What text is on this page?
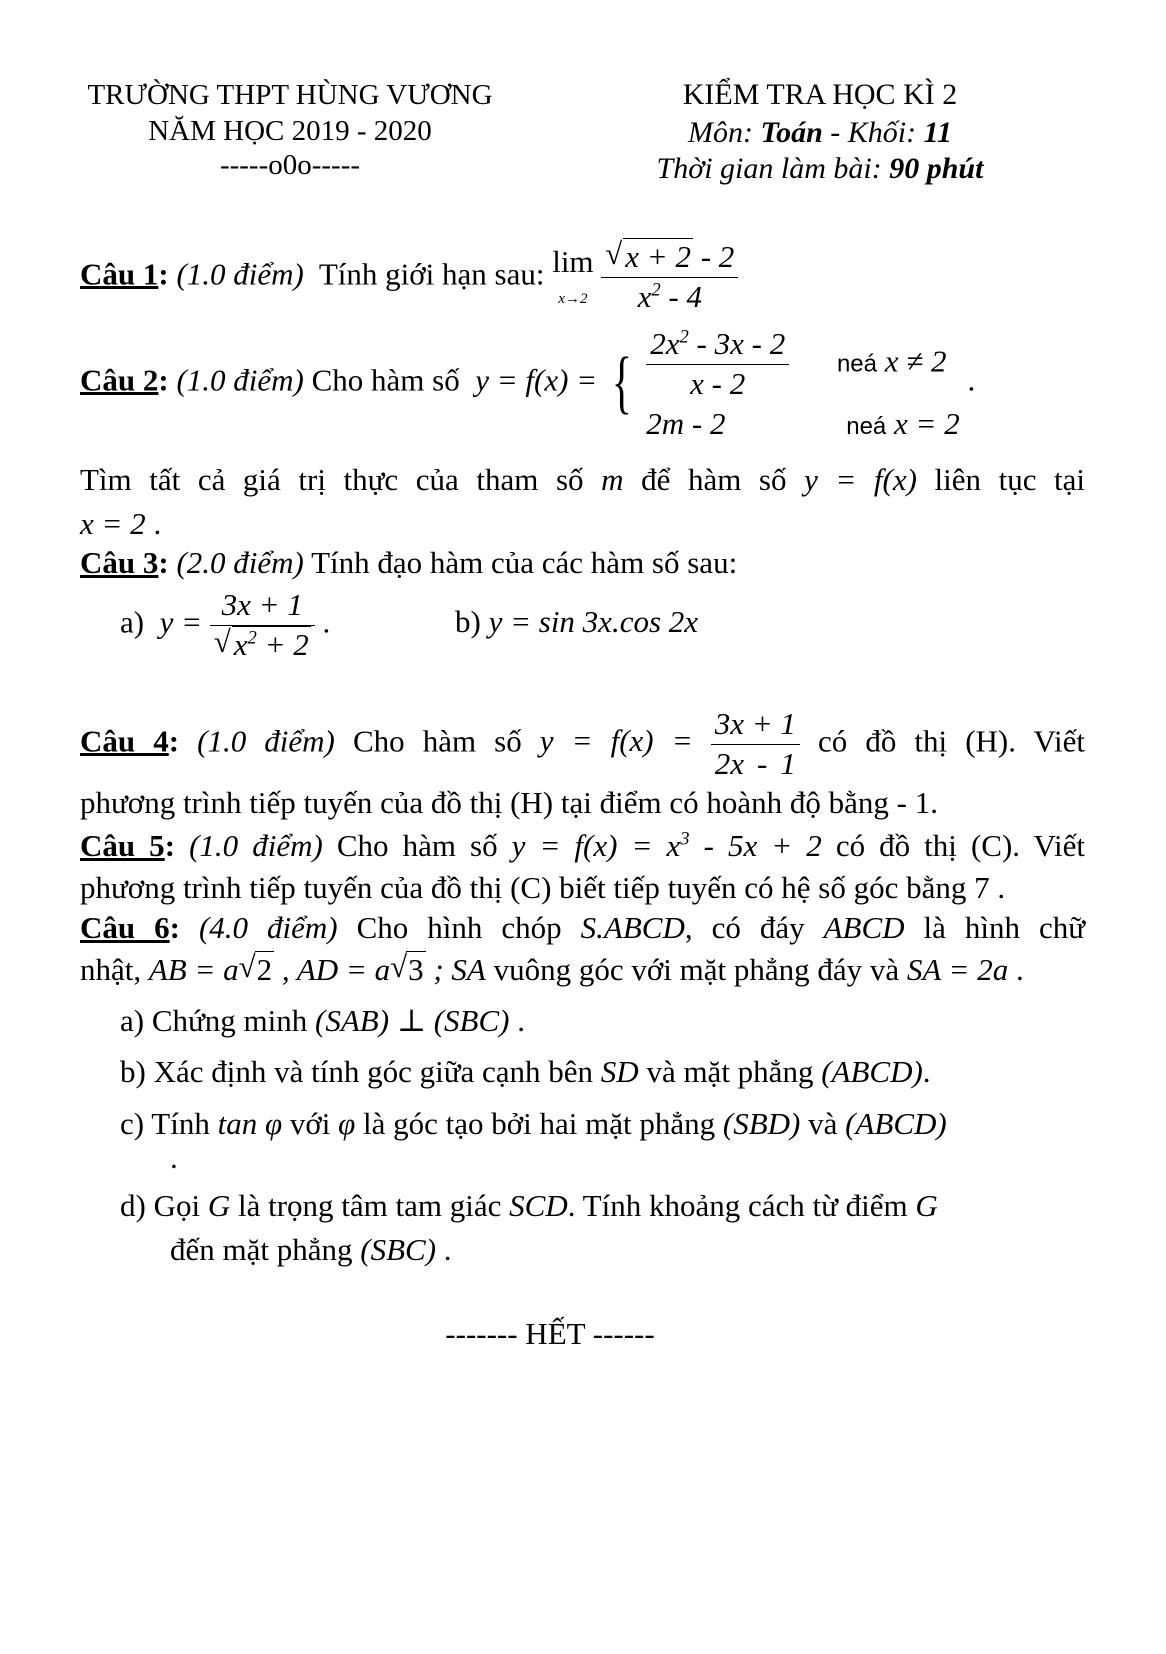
TRƯỜNG THPT HÙNG VƯƠNG
NĂM HỌC 2019 - 2020
-----o0o-----
KIỂM TRA HỌC KÌ 2
Môn: Toán - Khối: 11
Thời gian làm bài: 90 phút
Câu 1: (1.0 điểm) Tính giới hạn sau: lim
$x\to 2 \frac{√ x + 2 - 2}{x^2 - 4}$
Câu 2: (1.0 điểm) Cho hàm số  y = f(x) = { $\frac{2x^2 - 3x - 2}{x - 2}$ neá x ≠ 2
2m - 2	neá x = 2
.
Tìm tất cả giá trị thực của tham số m để hàm số y = f(x) liên tục tại
x = 2 .
Câu 3: (2.0 điểm) Tính đạo hàm của các hàm số sau:
a) $y = \frac{3x + 1}{√ x^2 + 2}$ .	b) y = sin 3x.cos 2x
Câu 4: (1.0 điểm) Cho hàm số $y = f(x) = \frac{3x + 1}{2x - 1}$ có đồ thị (H). Viết
phương trình tiếp tuyến của đồ thị (H) tại điểm có hoành độ bằng - 1.
Câu 5: (1.0 điểm) Cho hàm số $y = f(x) = x^3 - 5x + 2$ có đồ thị (C). Viết
phương trình tiếp tuyến của đồ thị (C) biết tiếp tuyến có hệ số góc bằng 7 .
Câu 6: (4.0 điểm) Cho hình chóp S.ABCD, có đáy ABCD là hình chữ
nhật, AB = a √ 2 , AD = a √ 3 ; SA vuông góc với mặt phẳng đáy và SA = 2a .
a) Chứng minh (SAB) ⊥ (SBC) .
b) Xác định và tính góc giữa cạnh bên SD và mặt phẳng (ABCD).
c) Tính tan φ với φ là góc tạo bởi hai mặt phẳng (SBD) và (ABCD)
.
d) Gọi G là trọng tâm tam giác SCD. Tính khoảng cách từ điểm G
đến mặt phẳng (SBC) .
------- HẾT ------
